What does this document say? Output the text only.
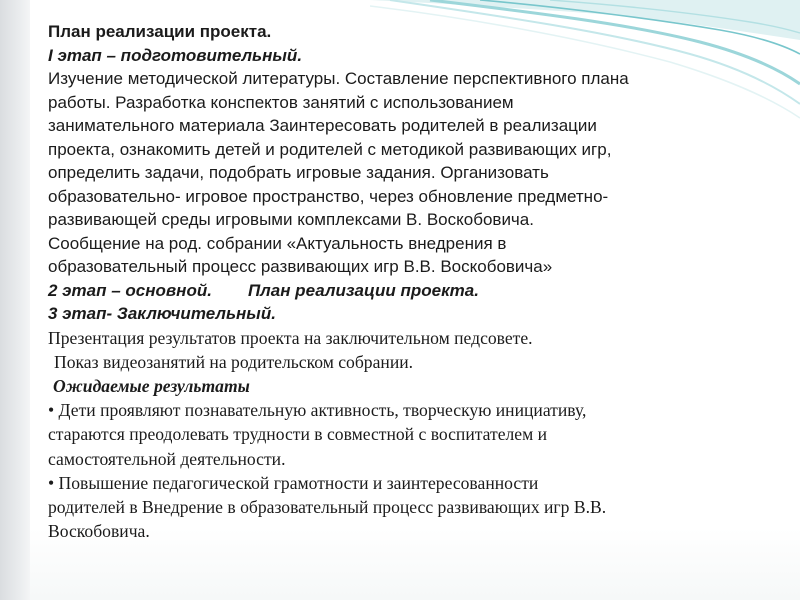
План реализации проекта.

I этап – подготовительный.

Изучение методической литературы. Составление перспективного плана

работы. Разработка конспектов занятий с использованием

занимательного материала Заинтересовать родителей в реализации

проекта, ознакомить детей и родителей с методикой развивающих игр,

определить задачи, подобрать игровые задания. Организовать

образовательно- игровое пространство, через обновление предметно-

развивающей среды игровыми комплексами В. Воскобовича.

Сообщение на род. собрании «Актуальность внедрения в

образовательный процесс развивающих игр В.В. Воскобовича»

2 этап – основной. План реализации проекта.

3 этап- Заключительный.

Презентация результатов проекта на заключительном педсовете.

Показ видеозанятий на родительском собрании.

Ожидаемые результаты

• Дети проявляют познавательную активность, творческую инициативу,

стараются преодолевать трудности в совместной с воспитателем и

самостоятельной деятельности.

• Повышение педагогической грамотности и заинтересованности

родителей в Внедрение в образовательный процесс развивающих игр В.В.

Воскобовича.
